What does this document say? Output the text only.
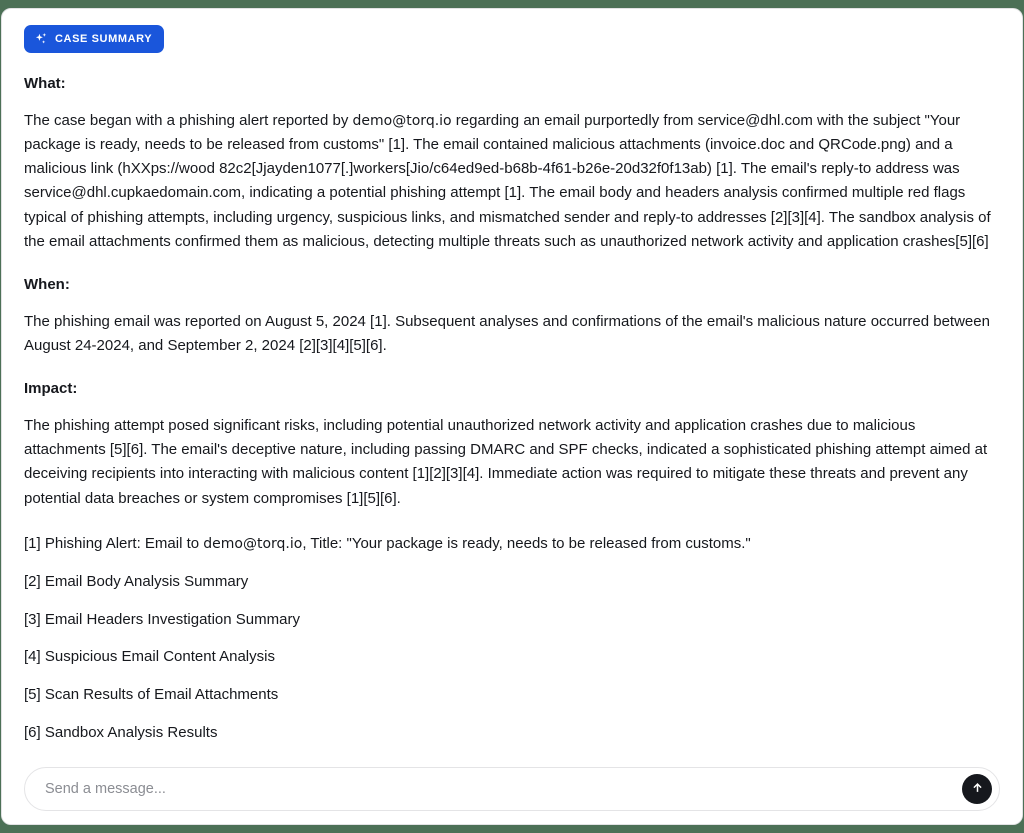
CASE SUMMARY
What:

The case began with a phishing alert reported by demo@torq.io regarding an email purportedly from service@dhl.com with the subject "Your package is ready, needs to be released from customs" [1]. The email contained malicious attachments (invoice.doc and QRCode.png) and a malicious link (hXXps://wood 82c2[Jjayden1077[.]workers[Jio/c64ed9ed-b68b-4f61-b26e-20d32f0f13ab) [1]. The email's reply-to address was service@dhl.cupkaedomain.com, indicating a potential phishing attempt [1]. The email body and headers analysis confirmed multiple red flags typical of phishing attempts, including urgency, suspicious links, and mismatched sender and reply-to addresses [2][3][4]. The sandbox analysis of the email attachments confirmed them as malicious, detecting multiple threats such as unauthorized network activity and application crashes[5][6]

When:

The phishing email was reported on August 5, 2024 [1]. Subsequent analyses and confirmations of the email's malicious nature occurred between August 24-2024, and September 2, 2024 [2][3][4][5][6].

Impact:

The phishing attempt posed significant risks, including potential unauthorized network activity and application crashes due to malicious attachments [5][6]. The email's deceptive nature, including passing DMARC and SPF checks, indicated a sophisticated phishing attempt aimed at deceiving recipients into interacting with malicious content [1][2][3][4]. Immediate action was required to mitigate these threats and prevent any potential data breaches or system compromises [1][5][6].

[1] Phishing Alert: Email to demo@torq.io, Title: "Your package is ready, needs to be released from customs."
[2] Email Body Analysis Summary
[3] Email Headers Investigation Summary
[4] Suspicious Email Content Analysis
[5] Scan Results of Email Attachments
[6] Sandbox Analysis Results
Send a message...
